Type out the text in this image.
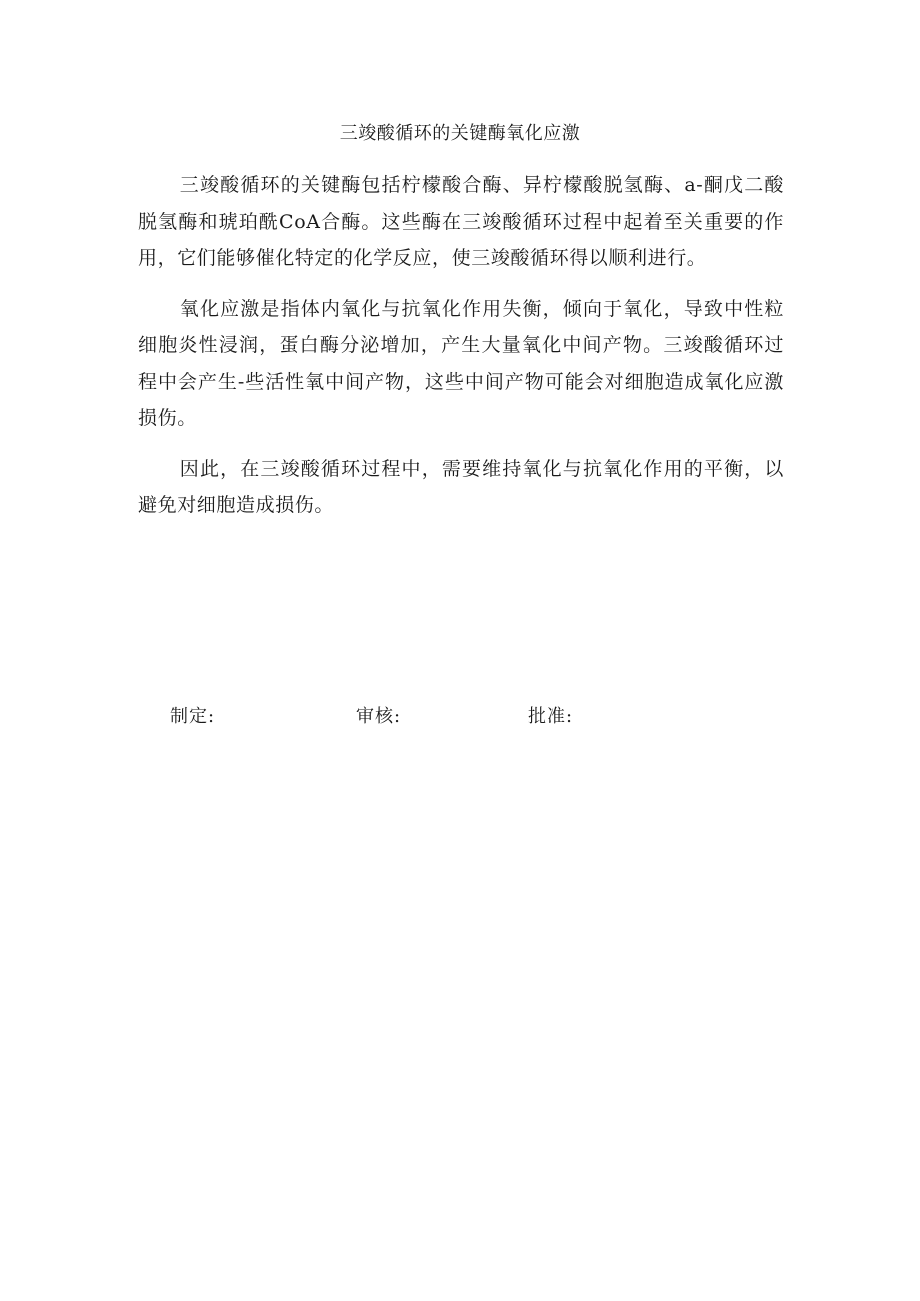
三竣酸循环的关键酶氧化应激

三竣酸循环的关键酶包括柠檬酸合酶、异柠檬酸脱氢酶、a-酮戊二酸脱氢酶和琥珀酰CoA合酶。这些酶在三竣酸循环过程中起着至关重要的作用，它们能够催化特定的化学反应，使三竣酸循环得以顺利进行。

氧化应激是指体内氧化与抗氧化作用失衡，倾向于氧化，导致中性粒细胞炎性浸润，蛋白酶分泌增加，产生大量氧化中间产物。三竣酸循环过程中会产生-些活性氧中间产物，这些中间产物可能会对细胞造成氧化应激损伤。

因此，在三竣酸循环过程中，需要维持氧化与抗氧化作用的平衡，以避免对细胞造成损伤。

制定:	审核:	批准:
